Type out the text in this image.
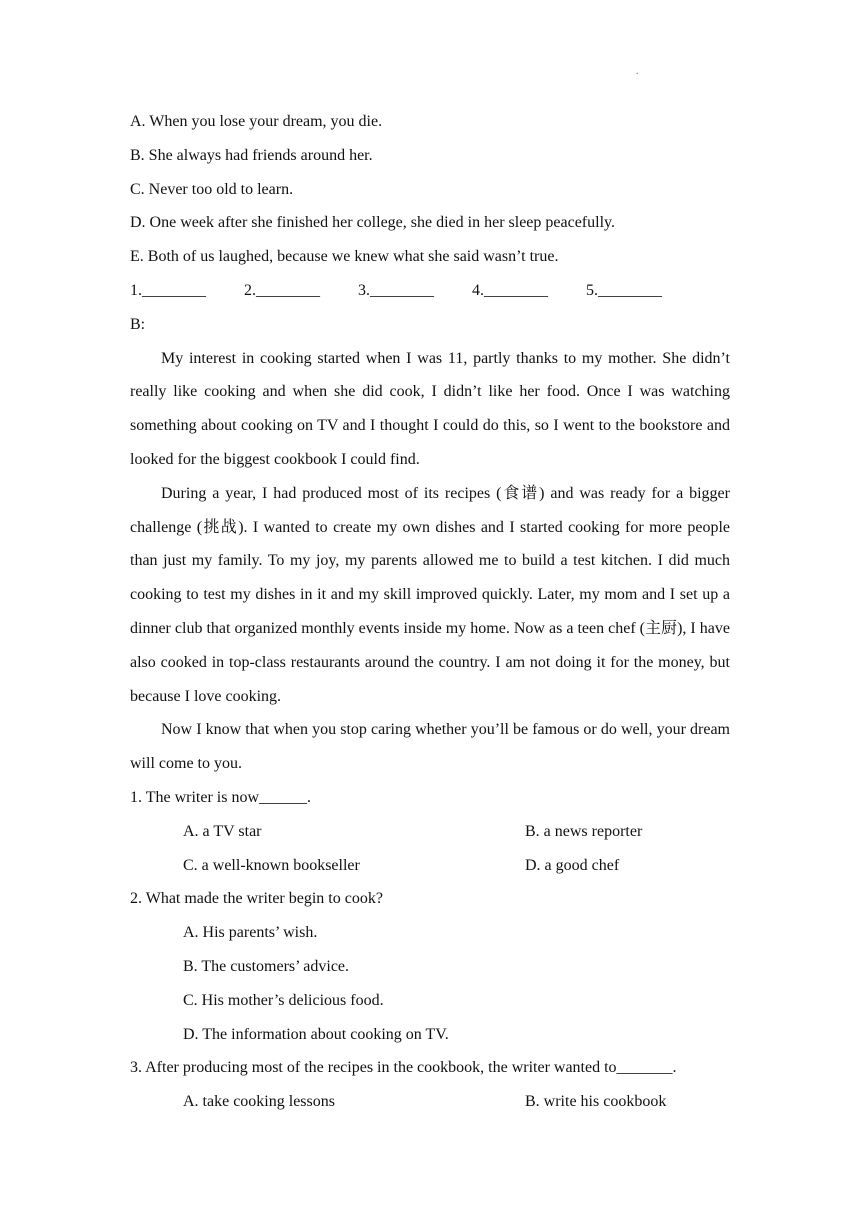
.
A. When you lose your dream, you die.
B. She always had friends around her.
C. Never too old to learn.
D. One week after she finished her college, she died in her sleep peacefully.
E. Both of us laughed, because we knew what she said wasn’t true.
1.________ 2.________ 3.________ 4.________ 5.________
B:

My interest in cooking started when I was 11, partly thanks to my mother. She didn’t really like cooking and when she did cook, I didn’t like her food. Once I was watching something about cooking on TV and I thought I could do this, so I went to the bookstore and looked for the biggest cookbook I could find.

During a year, I had produced most of its recipes (食谱) and was ready for a bigger challenge (挑战). I wanted to create my own dishes and I started cooking for more people than just my family. To my joy, my parents allowed me to build a test kitchen. I did much cooking to test my dishes in it and my skill improved quickly. Later, my mom and I set up a dinner club that organized monthly events inside my home. Now as a teen chef (主厨), I have also cooked in top-class restaurants around the country. I am not doing it for the money, but because I love cooking.

Now I know that when you stop caring whether you’ll be famous or do well, your dream will come to you.

1. The writer is now______.
A. a TV star	B. a news reporter
C. a well-known bookseller	D. a good chef
2. What made the writer begin to cook?
A. His parents’ wish.
B. The customers’ advice.
C. His mother’s delicious food.
D. The information about cooking on TV.
3. After producing most of the recipes in the cookbook, the writer wanted to_______.
A. take cooking lessons	B. write his cookbook
